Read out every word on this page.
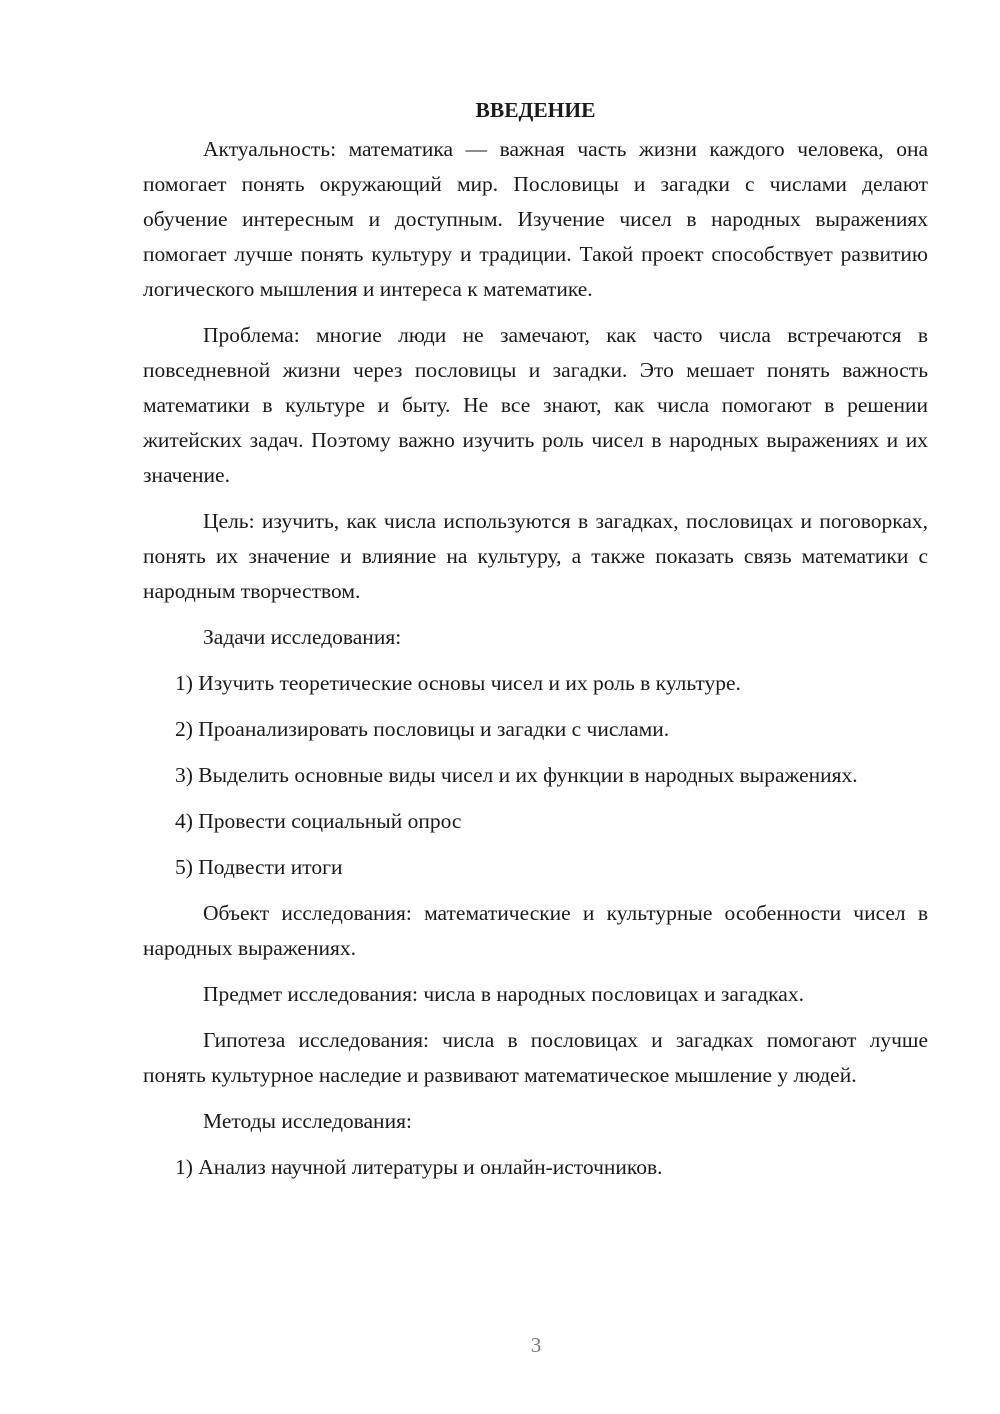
ВВЕДЕНИЕ

Актуальность: математика — важная часть жизни каждого человека, она помогает понять окружающий мир. Пословицы и загадки с числами делают обучение интересным и доступным. Изучение чисел в народных выражениях помогает лучше понять культуру и традиции. Такой проект способствует развитию логического мышления и интереса к математике.

Проблема: многие люди не замечают, как часто числа встречаются в повседневной жизни через пословицы и загадки. Это мешает понять важность математики в культуре и быту. Не все знают, как числа помогают в решении житейских задач. Поэтому важно изучить роль чисел в народных выражениях и их значение.

Цель: изучить, как числа используются в загадках, пословицах и поговорках, понять их значение и влияние на культуру, а также показать связь математики с народным творчеством.

Задачи исследования:

1) Изучить теоретические основы чисел и их роль в культуре.

2) Проанализировать пословицы и загадки с числами.

3) Выделить основные виды чисел и их функции в народных выражениях.

4) Провести социальный опрос

5) Подвести итоги

Объект исследования: математические и культурные особенности чисел в народных выражениях.

Предмет исследования: числа в народных пословицах и загадках.

Гипотеза исследования: числа в пословицах и загадках помогают лучше понять культурное наследие и развивают математическое мышление у людей.

Методы исследования:

1) Анализ научной литературы и онлайн-источников.

3
